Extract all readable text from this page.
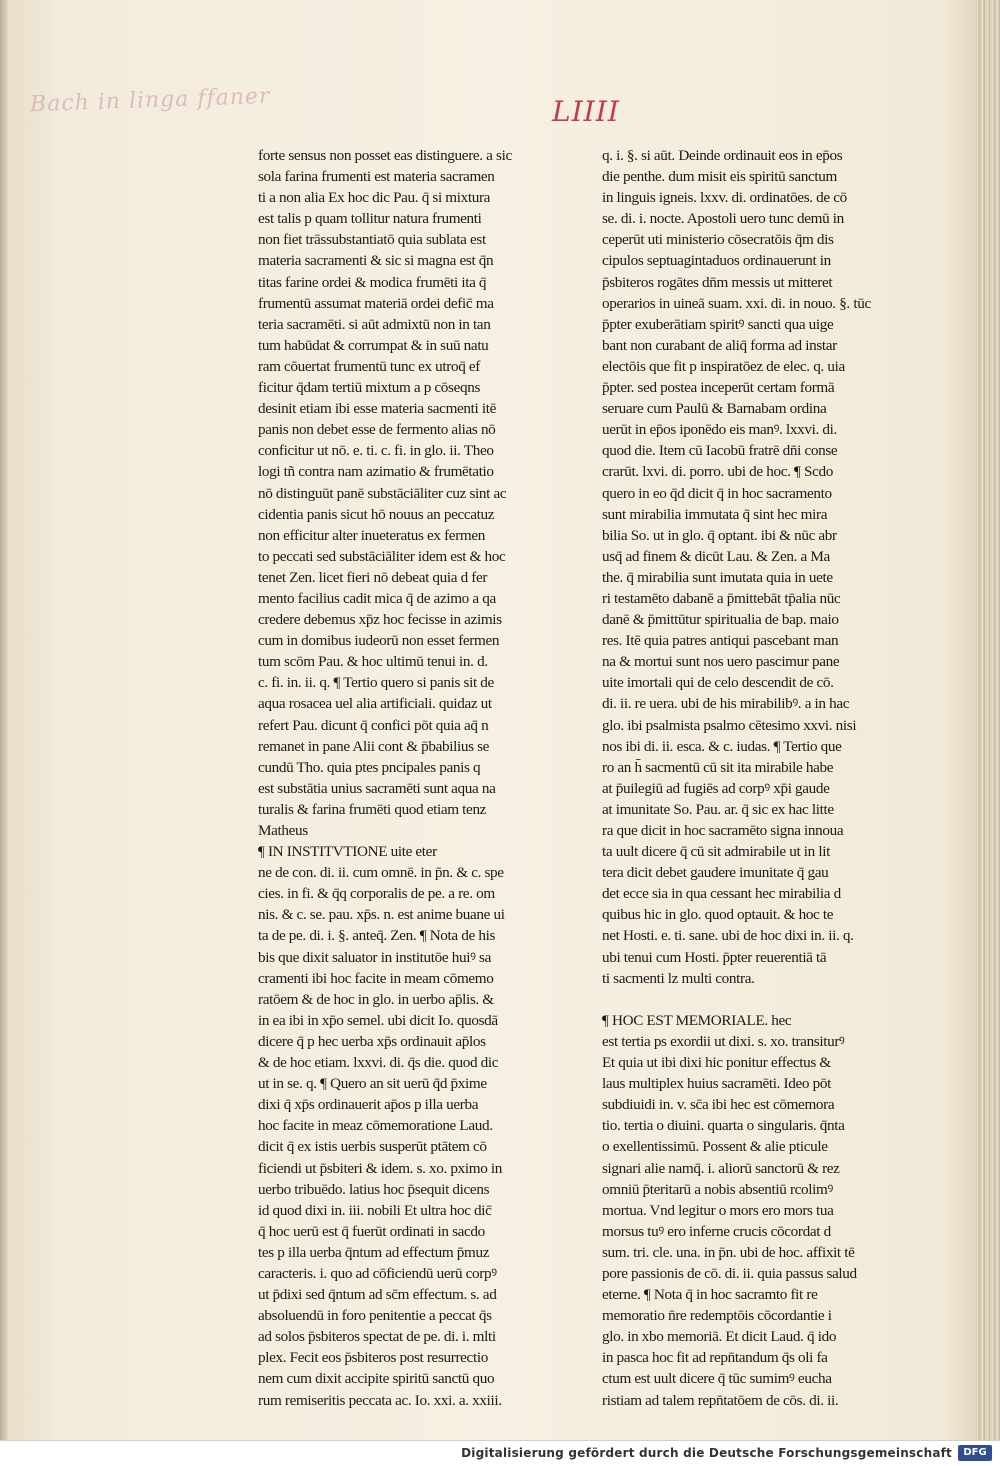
Bach in linga ffaner	LIIII
forte sensus non posset eas distinguere. a sic
sola farina frumenti est materia sacramen
ti a non alia Ex hoc dic Pau. q̄ si mixtura
est talis p quam tollitur natura frumenti
non fiet trāssubstantiatō quia sublata est
materia sacramenti & sic si magna est q̄n
titas farine ordei & modica frumēti ita q̄
frumentū assumat materiā ordei defic̄ ma
teria sacramēti. si aūt admixtū non in tan
tum habūdat & corrumpat & in suū natu
ram cōuertat frumentū tunc ex utroq̄ ef
ficitur q̄dam tertiū mixtum a p cōseqns
desinit etiam ibi esse materia sacmenti itē
panis non debet esse de fermento alias nō
conficitur ut nō. e. ti. c. fi. in glo. ii. Theo
logi tñ contra nam azimatio & frumētatio
nō distinguūt panē substāciāliter cuz sint ac
cidentia panis sicut hō nouus an peccatuz
non efficitur alter inueteratus ex fermen
to peccati sed substāciāliter idem est & hoc
tenet Zen. licet fieri nō debeat quia d fer
mento facilius cadit mica q̄ de azimo a qa
credere debemus xp̄z hoc fecisse in azimis
cum in domibus iudeorū non esset fermen
tum scōm Pau. & hoc ultimū tenui in. d.
c. fi. in. ii. q. ¶ Tertio quero si panis sit de
aqua rosacea uel alia artificiali. quidaz ut
refert Pau. dicunt q̄ confici pōt quia aq̄ n
remanet in pane Alii cont & p̄babilius se
cundū Tho. quia ptes pncipales panis q
est substātia unius sacramēti sunt aqua na
turalis & farina frumēti quod etiam tenz
Matheus
¶ IN INSTITVTIONE uite eter
ne de con. di. ii. cum omnē. in p̄n. & c. spe
cies. in fi. & q̄q corporalis de pe. a re. om
nis. & c. se. pau. xp̄s. n. est anime buane ui
ta de pe. di. i. §. anteq̄. Zen. ¶ Nota de his
bis que dixit saluator in institutōe huiꝰ sa
cramenti ibi hoc facite in meam cōmemo
ratōem & de hoc in glo. in uerbo ap̄lis. &
in ea ibi in xp̄o semel. ubi dicit Io. quosdā
dicere q̄ p hec uerba xp̄s ordinauit ap̄los
& de hoc etiam. lxxvi. di. q̄s die. quod dic
ut in se. q. ¶ Quero an sit uerū q̄d p̄xime
dixi q̄ xp̄s ordinauerit ap̄os p illa uerba
hoc facite in meaz cōmemoratione Laud.
dicit q̄ ex istis uerbis susperūt ptātem cō
ficiendi ut p̄sbiteri & idem. s. xo. pximo in
uerbo tribuēdo. latius hoc p̄sequit dicens
id quod dixi in. iii. nobili Et ultra hoc dic̄
q̄ hoc uerū est q̄ fuerūt ordinati in sacdo
tes p illa uerba q̄ntum ad effectum p̄muz
caracteris. i. quo ad cōficiendū uerū corpꝰ
ut p̄dixi sed q̄ntum ad sc̄m effectum. s. ad
absoluendū in foro penitentie a peccat q̄s
ad solos p̄sbiteros spectat de pe. di. i. mlti
plex. Fecit eos p̄sbiteros post resurrectio
nem cum dixit accipite spiritū sanctū quo
rum remiseritis peccata ac. Io. xxi. a. xxiii.
q. i. §. si aūt. Deinde ordinauit eos in ep̄os
die penthe. dum misit eis spiritū sanctum
in linguis igneis. lxxv. di. ordinatōes. de cō
se. di. i. nocte. Apostoli uero tunc demū in
ceperūt uti ministerio cōsecratōis q̄m dis
cipulos septuagintaduos ordinauerunt in
p̄sbiteros rogātes dn̄m messis ut mitteret
operarios in uineā suam. xxi. di. in nouo. §. tūc
p̄pter exuberātiam spiritꝰ sancti qua uige
bant non curabant de aliq̄ forma ad instar
electōis que fit p inspiratōez de elec. q. uia
p̄pter. sed postea inceperūt certam formā
seruare cum Paulū & Barnabam ordina
uerūt in ep̄os iponēdo eis manꝰ. lxxvi. di.
quod die. Item cū Iacobū fratrē dn̄i conse
crarūt. lxvi. di. porro. ubi de hoc. ¶ Scdo
quero in eo q̄d dicit q̄ in hoc sacramento
sunt mirabilia immutata q̄ sint hec mira
bilia So. ut in glo. q̄ optant. ibi & nūc abr
usq̄ ad finem & dicūt Lau. & Zen. a Ma
the. q̄ mirabilia sunt imutata quia in uete
ri testamēto dabanē a p̄mittebāt tp̄alia nūc
danē & p̄mittūtur spiritualia de bap. maio
res. Itē quia patres antiqui pascebant man
na & mortui sunt nos uero pascimur pane
uite imortali qui de celo descendit de cō.
di. ii. re uera. ubi de his mirabilibꝰ. a in hac
glo. ibi psalmista psalmo cētesimo xxvi. nisi
nos ibi di. ii. esca. & c. iudas. ¶ Tertio que
ro an h̄ sacmentū cū sit ita mirabile habe
at p̄uilegiū ad fugiēs ad corpꝰ xp̄i gaude
at imunitate So. Pau. ar. q̄ sic ex hac litte
ra que dicit in hoc sacramēto signa innoua
ta uult dicere q̄ cū sit admirabile ut in lit
tera dicit debet gaudere imunitate q̄ gau
det ecce sia in qua cessant hec mirabilia d
quibus hic in glo. quod optauit. & hoc te
net Hosti. e. ti. sane. ubi de hoc dixi in. ii. q.
ubi tenui cum Hosti. p̄pter reuerentiā tā
ti sacmenti lz multi contra.
¶ HOC EST MEMORIALE. hec
est tertia ps exordii ut dixi. s. xo. transiturꝰ
Et quia ut ibi dixi hic ponitur effectus &
laus multiplex huius sacramēti. Ideo pōt
subdiuidi in. v. sc̄a ibi hec est cōmemora
tio. tertia o diuini. quarta o singularis. q̄nta
o exellentissimū. Possent & alie pticule
signari alie namq̄. i. aliorū sanctorū & rez
omniū p̄teritarū a nobis absentiū rcolimꝰ
mortua. Vnd legitur o mors ero mors tua
morsus tuꝰ ero inferne crucis cōcordat d
sum. tri. cle. una. in p̄n. ubi de hoc. affixit tē
pore passionis de cō. di. ii. quia passus salud
eterne. ¶ Nota q̄ in hoc sacramto fit re
memoratio n̄re redemptōis cōcordantie i
glo. in xbo memoriā. Et dicit Laud. q̄ ido
in pasca hoc fit ad repn̄tandum q̄s oli fa
ctum est uult dicere q̄ tūc sumimꝰ eucha
ristiam ad talem repn̄tatōem de cōs. di. ii.
Digitalisierung gefördert durch die Deutsche Forschungsgemeinschaft	DFG
